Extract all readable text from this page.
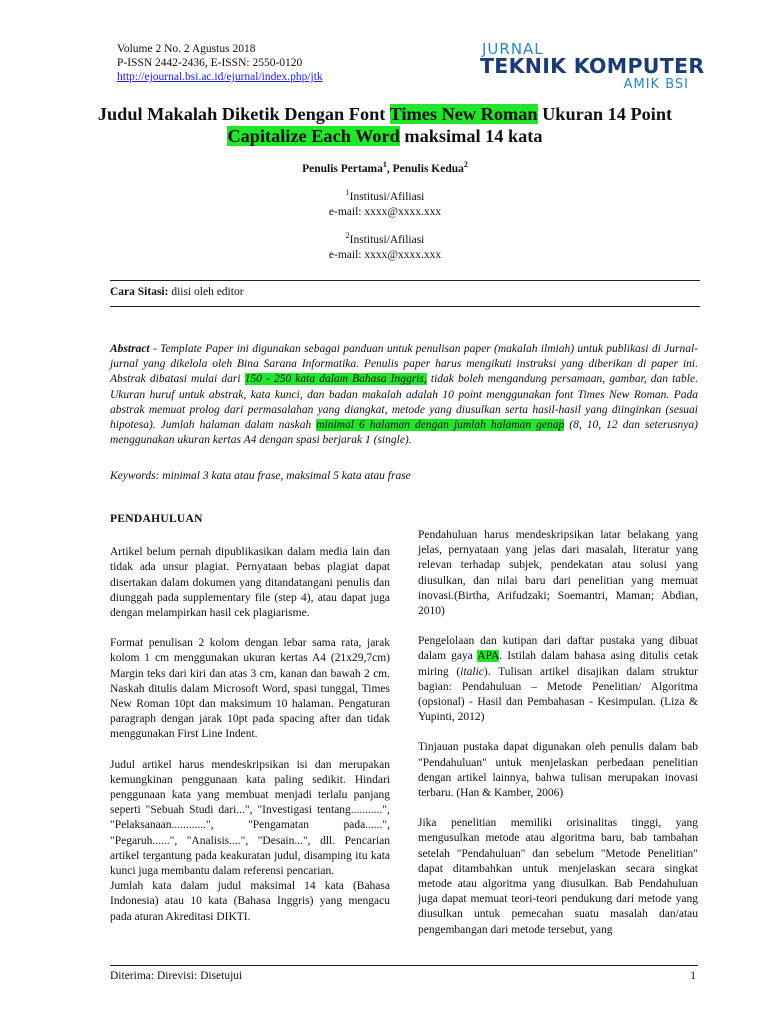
Volume 2 No. 2 Agustus 2018
P-ISSN 2442-2436, E-ISSN: 2550-0120
http://ejournal.bsi.ac.id/ejurnal/index.php/jtk
JURNAL
TEKNIK KOMPUTER
AMIK BSI
Judul Makalah Diketik Dengan Font Times New Roman Ukuran 14 Point
Capitalize Each Word maksimal 14 kata
Penulis Pertama$^1$, Penulis Kedua$^2$
$^1$Institusi/Afiliasi
e-mail: xxxx@xxxx.xxx
$^2$Institusi/Afiliasi
e-mail: xxxx@xxxx.xxx
Cara Sitasi: diisi oleh editor
Abstract - Template Paper ini digunakan sebagai panduan untuk penulisan paper (makalah ilmiah) untuk publikasi di Jurnal-jurnal yang dikelola oleh Bina Sarana Informatika. Penulis paper harus mengikuti instruksi yang diberikan di paper ini. Abstrak dibatasi mulai dari 150 - 250 kata dalam Bahasa Inggris, tidak boleh mengandung persamaan, gambar, dan table. Ukuran huruf untuk abstrak, kata kunci, dan badan makalah adalah 10 point menggunakan font Times New Roman. Pada abstrak memuat prolog dari permasalahan yang diangkat, metode yang diusulkan serta hasil-hasil yang diinginkan (sesuai hipotesa). Jumlah halaman dalam naskah minimal 6 halaman dengan jumlah halaman genap (8, 10, 12 dan seterusnya) menggunakan ukuran kertas A4 dengan spasi berjarak 1 (single).
Keywords: minimal 3 kata atau frase, maksimal 5 kata atau frase
PENDAHULUAN

Artikel belum pernah dipublikasikan dalam media lain dan tidak ada unsur plagiat. Pernyataan bebas plagiat dapat disertakan dalam dokumen yang ditandatangani penulis dan diunggah pada supplementary file (step 4), atau dapat juga dengan melampirkan hasil cek plagiarisme.

Format penulisan 2 kolom dengan lebar sama rata, jarak kolom 1 cm menggunakan ukuran kertas A4 (21x29,7cm) Margin teks dari kiri dan atas 3 cm, kanan dan bawah 2 cm. Naskah ditulis dalam Microsoft Word, spasi tunggal, Times New Roman 10pt dan maksimum 10 halaman. Pengaturan paragraph dengan jarak 10pt pada spacing after dan tidak menggunakan First Line Indent.

Judul artikel harus mendeskripsikan isi dan merupakan kemungkinan penggunaan kata paling sedikit. Hindari penggunaan kata yang membuat menjadi terlalu panjang seperti "Sebuah Studi dari...", "Investigasi tentang...........", "Pelaksanaan............", "Pengamatan pada......", "Pegaruh......", "Analisis....", "Desain...", dll. Pencarian artikel tergantung pada keakuratan judul, disamping itu kata kunci juga membantu dalam referensi pencarian.

Jumlah kata dalam judul maksimal 14 kata (Bahasa Indonesia) atau 10 kata (Bahasa Inggris) yang mengacu pada aturan Akreditasi DIKTI.

Pendahuluan harus mendeskripsikan latar belakang yang jelas, pernyataan yang jelas dari masalah, literatur yang relevan terhadap subjek, pendekatan atau solusi yang diusulkan, dan nilai baru dari penelitian yang memuat inovasi.(Birtha, Arifudzaki; Soemantri, Maman; Abdian, 2010)

Pengelolaan dan kutipan dari daftar pustaka yang dibuat dalam gaya APA. Istilah dalam bahasa asing ditulis cetak miring (italic). Tulisan artikel disajikan dalam struktur bagian: Pendahuluan – Metode Penelitian/ Algoritma (opsional) - Hasil dan Pembahasan - Kesimpulan. (Liza & Yupinti, 2012)

Tinjauan pustaka dapat digunakan oleh penulis dalam bab "Pendahuluan" untuk menjelaskan perbedaan penelitian dengan artikel lainnya, bahwa tulisan merupakan inovasi terbaru. (Han & Kamber, 2006)

Jika penelitian memiliki orisinalitas tinggi, yang mengusulkan metode atau algoritma baru, bab tambahan setelah "Pendahuluan" dan sebelum "Metode Penelitian" dapat ditambahkan untuk menjelaskan secara singkat metode atau algoritma yang diusulkan. Bab Pendahuluan juga dapat memuat teori-teori pendukung dari metode yang diusulkan untuk pemecahan suatu masalah dan/atau pengembangan dari metode tersebut, yang

Diterima: Direvisi: Disetujui	1
